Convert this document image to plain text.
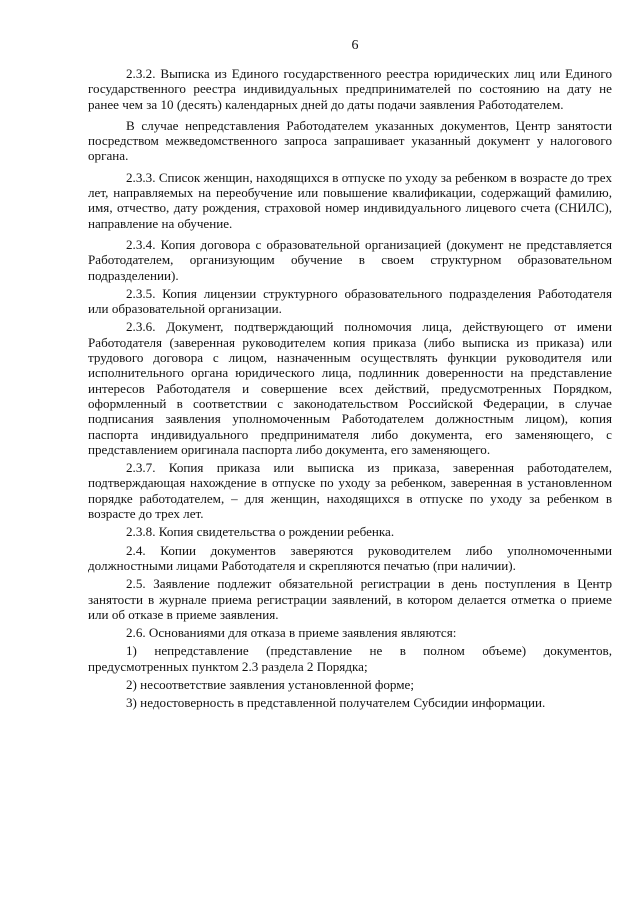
6

2.3.2. Выписка из Единого государственного реестра юридических лиц или Единого государственного реестра индивидуальных предпринимателей по состоянию на дату не ранее чем за 10 (десять) календарных дней до даты подачи заявления Работодателем.

В случае непредставления Работодателем указанных документов, Центр занятости посредством межведомственного запроса запрашивает указанный документ у налогового органа.

2.3.3. Список женщин, находящихся в отпуске по уходу за ребенком в возрасте до трех лет, направляемых на переобучение или повышение квалификации, содержащий фамилию, имя, отчество, дату рождения, страховой номер индивидуального лицевого счета (СНИЛС), направление на обучение.

2.3.4. Копия договора с образовательной организацией (документ не представляется Работодателем, организующим обучение в своем структурном образовательном подразделении).

2.3.5. Копия лицензии структурного образовательного подразделения Работодателя или образовательной организации.

2.3.6. Документ, подтверждающий полномочия лица, действующего от имени Работодателя (заверенная руководителем копия приказа (либо выписка из приказа) или трудового договора с лицом, назначенным осуществлять функции руководителя или исполнительного органа юридического лица, подлинник доверенности на представление интересов Работодателя и совершение всех действий, предусмотренных Порядком, оформленный в соответствии с законодательством Российской Федерации, в случае подписания заявления уполномоченным Работодателем должностным лицом), копия паспорта индивидуального предпринимателя либо документа, его заменяющего, с представлением оригинала паспорта либо документа, его заменяющего.

2.3.7. Копия приказа или выписка из приказа, заверенная работодателем, подтверждающая нахождение в отпуске по уходу за ребенком, заверенная в установленном порядке работодателем, – для женщин, находящихся в отпуске по уходу за ребенком в возрасте до трех лет.

2.3.8. Копия свидетельства о рождении ребенка.

2.4. Копии документов заверяются руководителем либо уполномоченными должностными лицами Работодателя и скрепляются печатью (при наличии).

2.5. Заявление подлежит обязательной регистрации в день поступления в Центр занятости в журнале приема регистрации заявлений, в котором делается отметка о приеме или об отказе в приеме заявления.

2.6. Основаниями для отказа в приеме заявления являются:

1) непредставление (представление не в полном объеме) документов, предусмотренных пунктом 2.3 раздела 2 Порядка;

2) несоответствие заявления установленной форме;

3) недостоверность в представленной получателем Субсидии информации.
